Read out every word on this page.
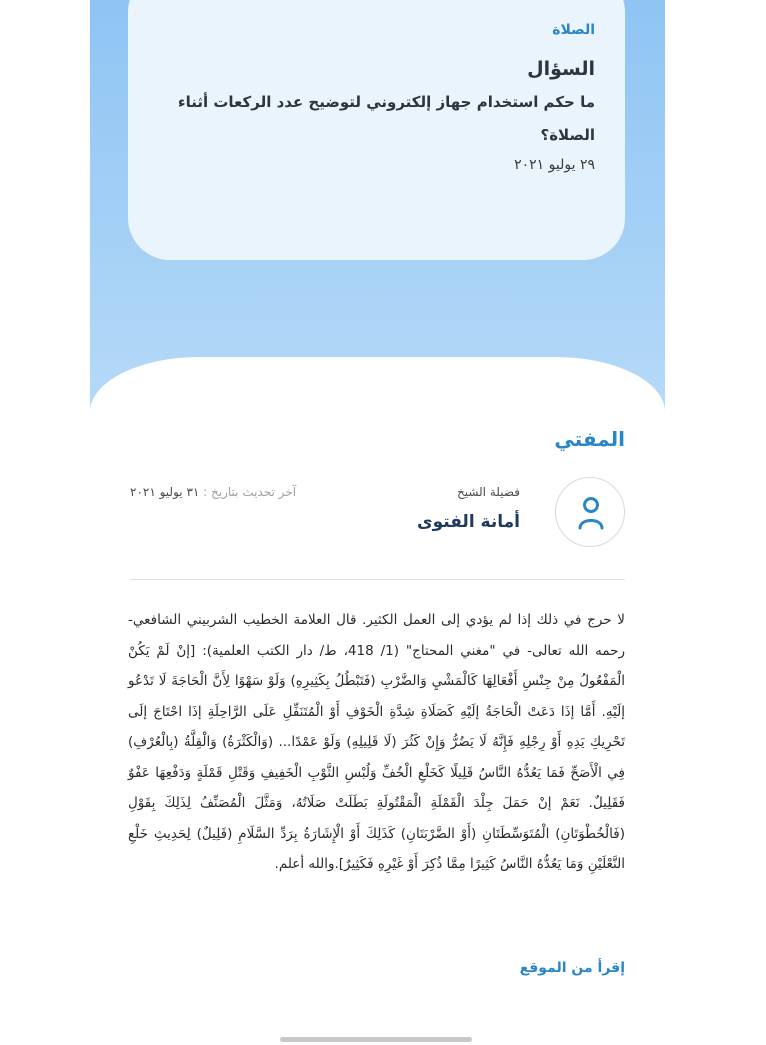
الصلاة
السؤال
ما حكم استخدام جهاز إلكتروني لتوضيح عدد الركعات أثناء الصلاة؟
٢٩ يوليو ٢٠٢١
المفتي
فضيلة الشيخ
أمانة الفتوى
آخر تحديث بتاريخ : ٣١ يوليو ٢٠٢١
لا حرج في ذلك إذا لم يؤدي إلى العمل الكثير. قال العلامة الخطيب الشربيني الشافعي-رحمه الله تعالى- في "مغني المحتاج" (1/ 418، ط/ دار الكتب العلمية): [إنْ لَمْ يَكُنْ الْمَفْعُولُ مِنْ جِنْسِ أَفْعَالِهَا كَالْمَشْيِ وَالضَّرْبِ (فَتَبْطُلُ بِكَثِيرِهِ) وَلَوْ سَهْوًا لِأَنَّ الْحَاجَةَ لَا تَدْعُو إلَيْهِ. أَمَّا إذَا دَعَتْ الْحَاجَةُ إلَيْهِ كَصَلَاةِ شِدَّةِ الْخَوْفِ أَوْ الْمُتَنَفِّلِ عَلَى الرَّاحِلَةِ إذَا احْتَاجَ إلَى تَحْرِيكِ يَدِهِ أَوْ رِجْلِهِ فَإِنَّهُ لَا يَضُرُّ وَإِنْ كَثُرَ (لَا قَلِيلِهِ) وَلَوْ عَمْدًا... (وَالْكَثْرَةُ) وَالْقِلَّةُ (بِالْعُرْفِ) فِي الْأَصَحِّ فَمَا يَعُدُّهُ النَّاسُ قَلِيلًا كَخَلْعِ الْخُفِّ وَلُبْسِ الثَّوْبِ الْخَفِيفِ وَقَتْلِ قَمْلَةٍ وَدَفْعِهَا عَفْوٌ فَقَلِيلٌ. نَعَمْ إنْ حَمَلَ جِلْدَ الْقَمْلَةِ الْمَقْتُولَةِ بَطَلَتْ صَلَاتُهُ، وَمَثَّلَ الْمُصَنِّفُ لِذَلِكَ بِقَوْلِ (فَالْخُطْوَتَانِ) الْمُتَوَسِّطَتَانِ (أَوْ الضَّرْبَتَانِ) كَذَلِكَ أَوْ الْإِشَارَةُ بِرَدِّ السَّلَامِ (قَلِيلٌ) لِحَدِيثِ خَلْعِ النَّعْلَيْنِ وَمَا يَعُدُّهُ النَّاسُ كَثِيرًا مِمَّا ذُكِرَ أَوْ غَيْرِهِ فَكَثِيرٌ].والله أعلم.
إقرأ من الموقع
